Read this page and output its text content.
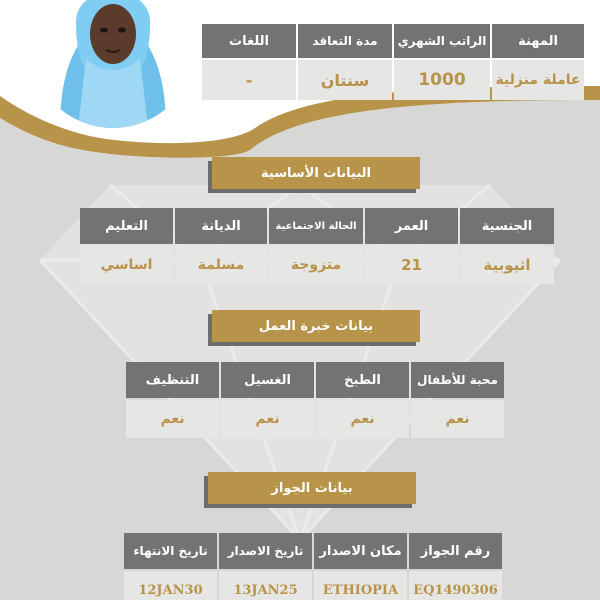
المهنة
الراتب الشهري
مدة التعاقد
اللغات
عاملة منزلية
1000
سنتان
-
البيانات الأساسية
الجنسية
العمر
الحالة الاجتماعية
الديانة
التعليم
اثيوبية
21
متزوجة
مسلمة
اساسي
بيانات خبرة العمل
محبة للأطفال
الطبخ
الغسيل
التنظيف
نعم
نعم
نعم
نعم
بيانات الجواز
رقم الجواز
مكان الاصدار
تاريخ الاصدار
تاريخ الانتهاء
EQ1490306
ETHIOPIA
13JAN25
12JAN30
